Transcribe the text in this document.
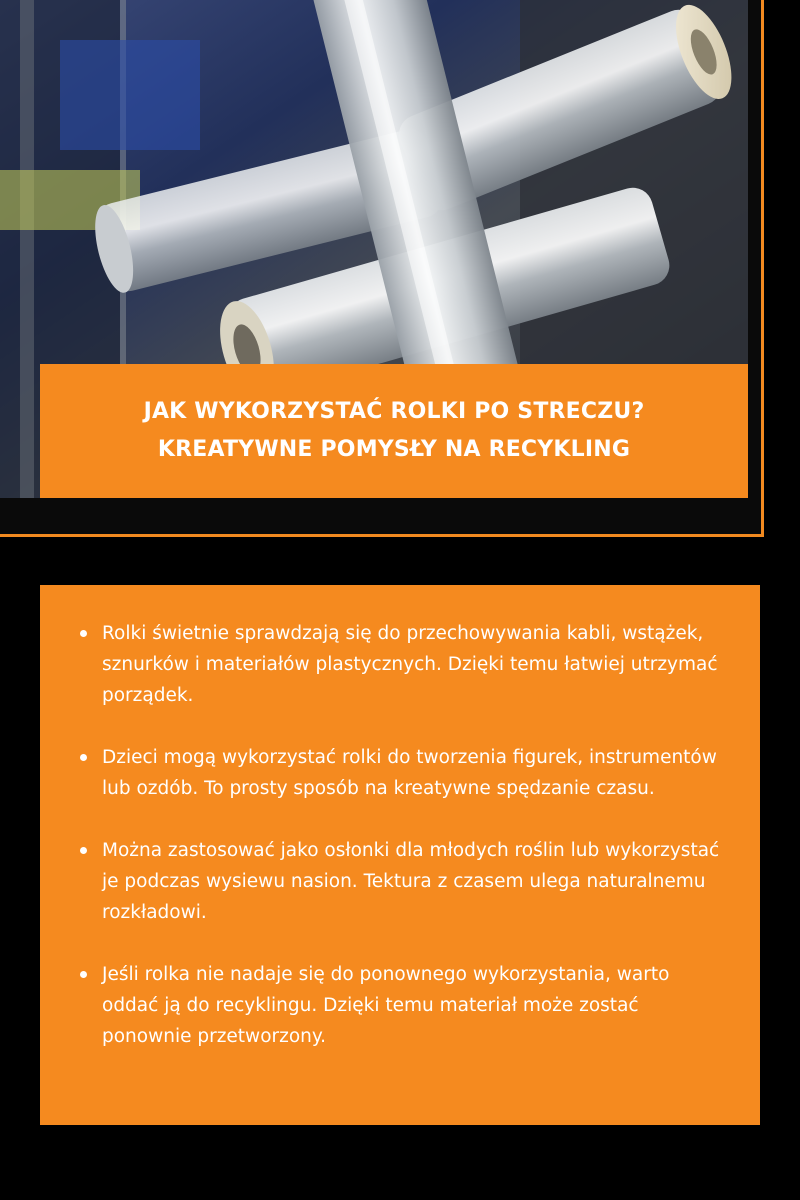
JAK WYKORZYSTAĆ ROLKI PO STRECZU?
KREATYWNE POMYSŁY NA RECYKLING
Rolki świetnie sprawdzają się do przechowywania kabli, wstążek, sznurków i materiałów plastycznych. Dzięki temu łatwiej utrzymać porządek.
Dzieci mogą wykorzystać rolki do tworzenia figurek, instrumentów lub ozdób. To prosty sposób na kreatywne spędzanie czasu.
Można zastosować jako osłonki dla młodych roślin lub wykorzystać je podczas wysiewu nasion. Tektura z czasem ulega naturalnemu rozkładowi.
Jeśli rolka nie nadaje się do ponownego wykorzystania, warto oddać ją do recyklingu. Dzięki temu materiał może zostać ponownie przetworzony.
